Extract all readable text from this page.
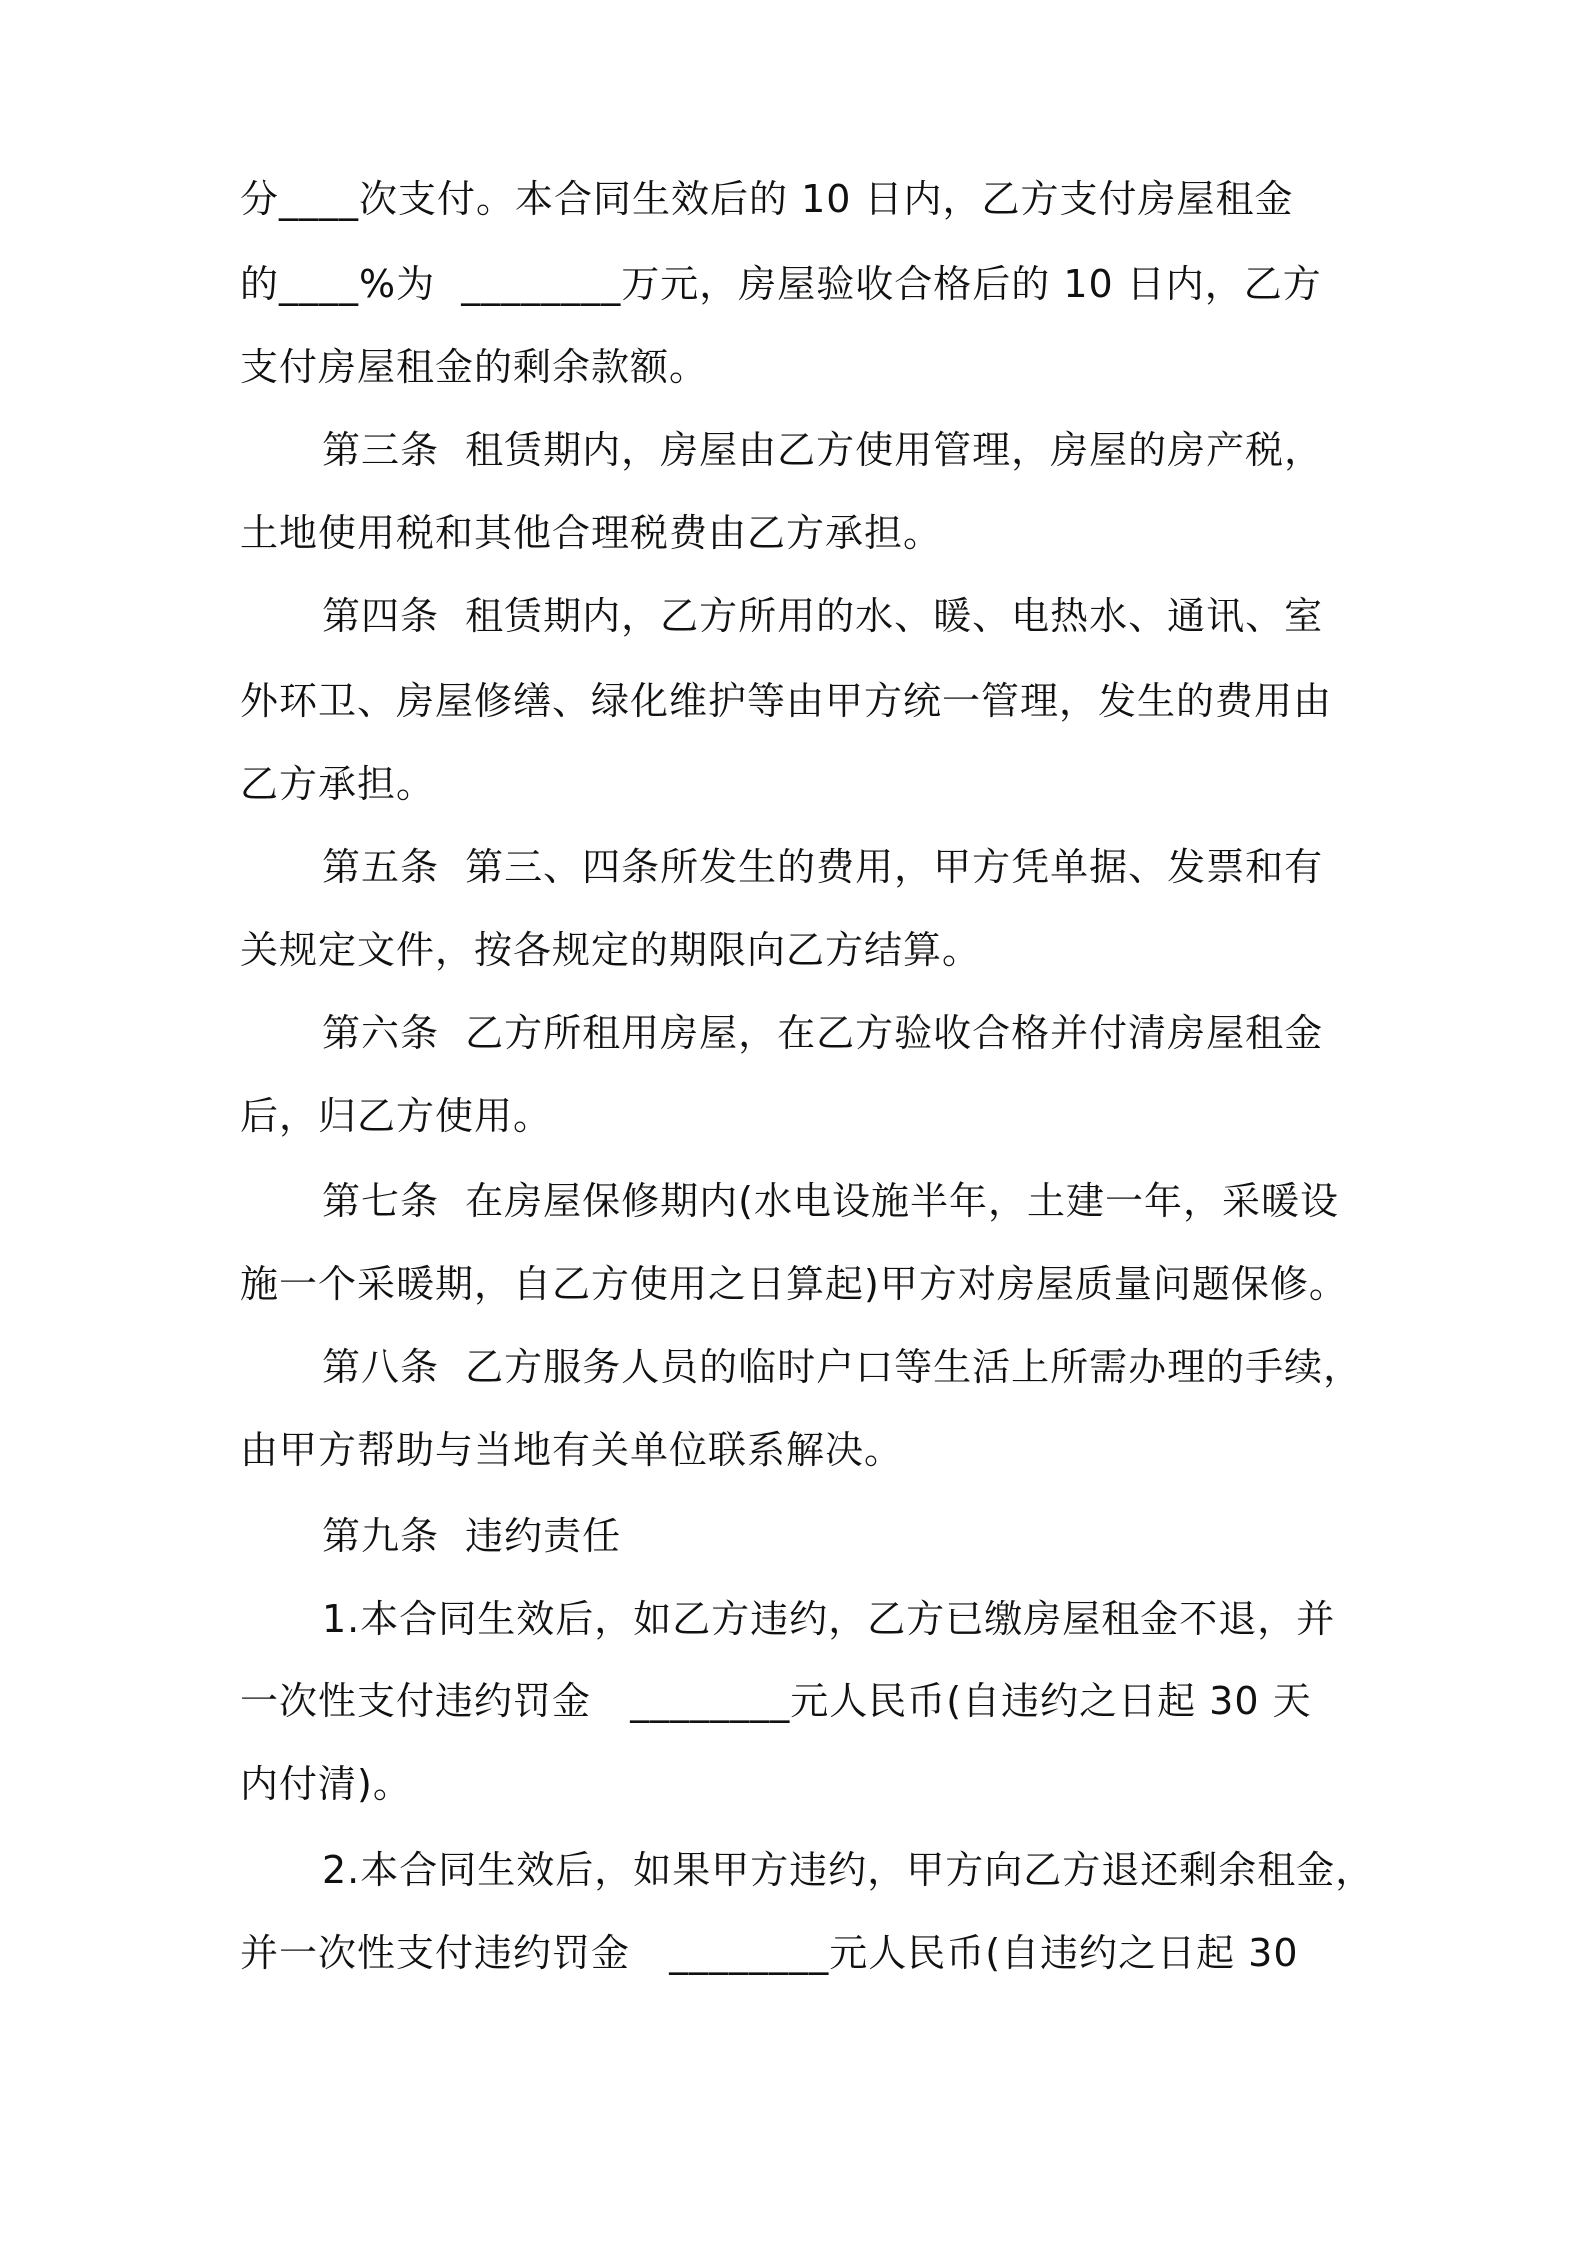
分____次支付。本合同生效后的 10 日内，乙方支付房屋租金
的____%为  ________万元，房屋验收合格后的 10 日内，乙方
支付房屋租金的剩余款额。
第三条  租赁期内，房屋由乙方使用管理，房屋的房产税，
土地使用税和其他合理税费由乙方承担。
第四条  租赁期内，乙方所用的水、暖、电热水、通讯、室
外环卫、房屋修缮、绿化维护等由甲方统一管理，发生的费用由
乙方承担。
第五条  第三、四条所发生的费用，甲方凭单据、发票和有
关规定文件，按各规定的期限向乙方结算。
第六条  乙方所租用房屋，在乙方验收合格并付清房屋租金
后，归乙方使用。
第七条  在房屋保修期内(水电设施半年，土建一年，采暖设
施一个采暖期，自乙方使用之日算起)甲方对房屋质量问题保修。
第八条  乙方服务人员的临时户口等生活上所需办理的手续，
由甲方帮助与当地有关单位联系解决。
第九条  违约责任
1.本合同生效后，如乙方违约，乙方已缴房屋租金不退，并
一次性支付违约罚金   ________元人民币(自违约之日起 30 天
内付清)。
2.本合同生效后，如果甲方违约，甲方向乙方退还剩余租金，
并一次性支付违约罚金   ________元人民币(自违约之日起 30
